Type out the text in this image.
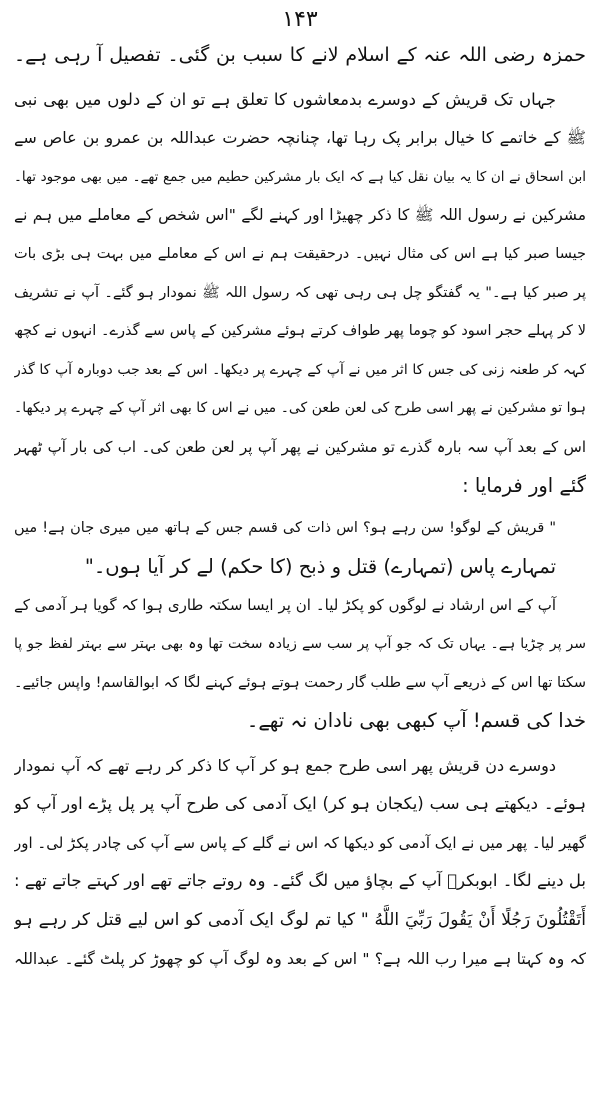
۱۴۳
حمزہ رضی اللہ عنہ کے اسلام لانے کا سبب بن گئی۔ تفصیل آ رہی ہے۔
جہاں تک قریش کے دوسرے بدمعاشوں کا تعلق ہے تو ان کے دلوں میں بھی نبی
ﷺ کے خاتمے کا خیال برابر پک رہا تھا، چنانچہ حضرت عبداللہ بن عمرو بن عاص سے
ابن اسحاق نے ان کا یہ بیان نقل کیا ہے کہ ایک بار مشرکین حطیم میں جمع تھے۔ میں بھی موجود تھا۔
مشرکین نے رسول اللہ ﷺ کا ذکر چھیڑا اور کہنے لگے "اس شخص کے معاملے میں ہم نے
جیسا صبر کیا ہے اس کی مثال نہیں۔ درحقیقت ہم نے اس کے معاملے میں بہت ہی بڑی بات
پر صبر کیا ہے۔" یہ گفتگو چل ہی رہی تھی کہ رسول اللہ ﷺ نمودار ہو گئے۔ آپ نے تشریف
لا کر پہلے حجر اسود کو چوما پھر طواف کرتے ہوئے مشرکین کے پاس سے گذرے۔ انہوں نے کچھ
کہہ کر طعنہ زنی کی جس کا اثر میں نے آپ کے چہرے پر دیکھا۔ اس کے بعد جب دوبارہ آپ کا گذر
ہوا تو مشرکین نے پھر اسی طرح کی لعن طعن کی۔ میں نے اس کا بھی اثر آپ کے چہرے پر دیکھا۔
اس کے بعد آپ سہ بارہ گذرے تو مشرکین نے پھر آپ پر لعن طعن کی۔ اب کی بار آپ ٹھہر
گئے اور فرمایا :
" قریش کے لوگو! سن رہے ہو؟ اس ذات کی قسم جس کے ہاتھ میں میری جان ہے! میں
تمہارے پاس (تمہارے) قتل و ذبح (کا حکم) لے کر آیا ہوں۔"
آپ کے اس ارشاد نے لوگوں کو پکڑ لیا۔ ان پر ایسا سکتہ طاری ہوا کہ گویا ہر آدمی کے
سر پر چڑیا ہے۔ یہاں تک کہ جو آپ پر سب سے زیادہ سخت تھا وہ بھی بہتر سے بہتر لفظ جو پا
سکتا تھا اس کے ذریعے آپ سے طلب گار رحمت ہوتے ہوئے کہنے لگا کہ ابوالقاسم! واپس جائیے۔
خدا کی قسم! آپ کبھی بھی نادان نہ تھے۔
دوسرے دن قریش پھر اسی طرح جمع ہو کر آپ کا ذکر کر رہے تھے کہ آپ نمودار
ہوئے۔ دیکھتے ہی سب (یکجان ہو کر) ایک آدمی کی طرح آپ پر پل پڑے اور آپ کو
گھیر لیا۔ پھر میں نے ایک آدمی کو دیکھا کہ اس نے گلے کے پاس سے آپ کی چادر پکڑ لی۔ اور
بل دینے لگا۔ ابوبکرؓ آپ کے بچاؤ میں لگ گئے۔ وہ روتے جاتے تھے اور کہتے جاتے تھے :
أَتَقْتُلُونَ رَجُلًا أَنْ يَقُولَ رَبِّيَ اللَّهُ " کیا تم لوگ ایک آدمی کو اس لیے قتل کر رہے ہو
کہ وہ کہتا ہے میرا رب اللہ ہے؟ " اس کے بعد وہ لوگ آپ کو چھوڑ کر پلٹ گئے۔ عبداللہ
